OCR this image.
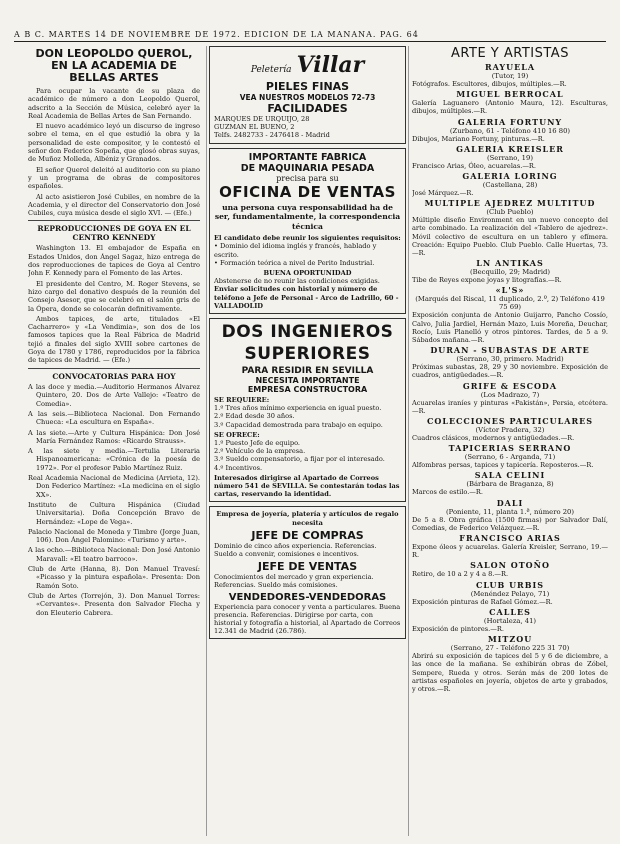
A B C. MARTES 14 DE NOVIEMBRE DE 1972. EDICION DE LA MAÑANA. PAG. 64
DON LEOPOLDO QUEROL, EN LA ACADEMIA DE BELLAS ARTES
Para ocupar la vacante de su plaza de académico de número a don Leopoldo Querol, adscrito a la Sección de Música, celebró ayer la Real Academia de Bellas Artes de San Fernando.
El nuevo académico leyó un discurso de ingreso sobre el tema, en el que estudió la obra y la personalidad de este compositor, y le contestó el señor don Federico Sopeña, que glosó obras suyas, de Muñoz Molleda, Albéniz y Granados.
El señor Querol deleitó al auditorio con su piano y un programa de obras de compositores españoles.
Al acto asistieron José Cubiles, en nombre de la Academia, y el director del Conservatorio don José Cubiles, cuya música desde el siglo XVI. — (Efe.)
REPRODUCCIONES DE GOYA EN EL CENTRO KENNEDY
Washington 13. El embajador de España en Estados Unidos, don Ángel Sagaz, hizo entrega de dos reproducciones de tapices de Goya al Centro John F. Kennedy para el Fomento de las Artes.
El presidente del Centro, M. Roger Stevens, se hizo cargo del donativo después de la reunión del Consejo Asesor, que se celebró en el salón gris de la Ópera, donde se colocarán definitivamente.
Ambos tapices, de arte, titulados «El Cacharrero» y «La Vendimia», son dos de los famosos tapices que la Real Fábrica de Madrid tejió a finales del siglo XVIII sobre cartones de Goya de 1780 y 1786, reproducidos por la fábrica de tapices de Madrid. — (Efe.)
CONVOCATORIAS PARA HOY
A las doce y media.—Auditorio Hermanos Álvarez Quintero, 20. Dos de Arte Vallejo: «Teatro de Comedia».
A las seis.—Biblioteca Nacional. Don Fernando Chueca: «La escultura en España».
A las siete.—Arte y Cultura Hispánica: Don José María Fernández Ramos: «Ricardo Strauss».
A las siete y media.—Tertulia Literaria Hispanoamericana: «Crónica de la poesía de 1972». Por el profesor Pablo Martínez Ruiz.
Real Academia Nacional de Medicina (Arrieta, 12). Don Federico Martínez: «La medicina en el siglo XX».
Instituto de Cultura Hispánica (Ciudad Universitaria). Doña Concepción Bravo de Hernández: «Lope de Vega».
Palacio Nacional de Moneda y Timbre (Jorge Juan, 106). Don Ángel Palomino: «Turismo y arte».
A las ocho.—Biblioteca Nacional: Don José Antonio Maravall: «El teatro barroco».
Club de Arte (Hanna, 8). Don Manuel Travesí: «Picasso y la pintura española». Presenta: Don Ramón Soto.
Club de Artes (Torrejón, 3). Don Manuel Torres: «Cervantes». Presenta don Salvador Flecha y don Eleuterio Cabrera.
Peletería Villar
PIELES FINAS
VEA NUESTROS MODELOS 72-73
FACILIDADES
MARQUES DE URQUIJO, 28
GUZMAN EL BUENO, 2
Telfs. 2482733 - 2476418 - Madrid
IMPORTANTE FABRICA
DE MAQUINARIA PESADA
precisa para su
OFICINA DE VENTAS
una persona cuya responsabilidad ha de ser, fundamentalmente, la correspondencia técnica
El candidato debe reunir los siguientes requisitos:
• Dominio del idioma inglés y francés, hablado y escrito.
• Formación teórica a nivel de Perito Industrial.
BUENA OPORTUNIDAD
Abstenerse de no reunir las condiciones exigidas.
Enviar solicitudes con historial y número de teléfono a Jefe de Personal - Arco de Ladrillo, 60 - VALLADOLID
DOS INGENIEROS
SUPERIORES
PARA RESIDIR EN SEVILLA
NECESITA IMPORTANTE
EMPRESA CONSTRUCTORA
SE REQUIERE:
1.º Tres años mínimo experiencia en igual puesto.
2.º Edad desde 30 años.
3.º Capacidad demostrada para trabajo en equipo.
SE OFRECE:
1.º Puesto Jefe de equipo.
2.º Vehículo de la empresa.
3.º Sueldo compensatorio, a fijar por el interesado.
4.º Incentivos.
Interesados dirigirse al Apartado de Correos número 541 de SEVILLA. Se contestarán todas las cartas, reservando la identidad.
Empresa de joyería, platería y artículos de regalo necesita
JEFE DE COMPRAS
Dominio de cinco años experiencia. Referencias. Sueldo a convenir, comisiones e incentivos.
JEFE DE VENTAS
Conocimientos del mercado y gran experiencia. Referencias. Sueldo más comisiones.
VENDEDORES-VENDEDORAS
Experiencia para conocer y venta a particulares. Buena presencia. Referencias. Dirigirse por carta, con historial y fotografía a historial, al Apartado de Correos 12.341 de Madrid (26.786).
ARTE Y ARTISTAS
RAYUELA
(Tutor, 19)
Fotógrafos. Escultores, dibujos, múltiples.—R.
MIGUEL BERROCAL
Galería Laguanero (Antonio Maura, 12). Esculturas, dibujos, múltiples.—R.
GALERIA FORTUNY
(Zurbano, 61 - Teléfono 410 16 80)
Dibujos, Mariano Fortuny, pinturas.—R.
GALERIA KREISLER
(Serrano, 19)
Francisco Arias, Óleo, acuarelas.—R.
GALERIA LORING
(Castellana, 28)
José Márquez.—R.
MULTIPLE AJEDREZ MULTITUD
(Club Pueblo)
Múltiple diseño Environment en un nuevo concepto del arte combinado. La realización del «Tablero de ajedrez». Móvil colectivo de escultura en un tablero y efímera. Creación: Equipo Pueblo. Club Pueblo. Calle Huertas, 73.—R.
LN ANTIKAS
(Becquillo, 29; Madrid)
Tibe de Reyes expone joyas y litografías.—R.
«L'S»
(Marqués del Riscal, 11 duplicado, 2.º, 2) Teléfono 419 75 69)
Exposición conjunta de Antonio Guijarro, Pancho Cossío, Calvo, Julia Jardiel, Hernán Mazo, Luis Moreña, Deuchar, Rocío, Luis Planelló y otros pintores. Tardes, de 5 a 9. Sábados mañana.—R.
DURAN - SUBASTAS DE ARTE
(Serrano, 30, primero. Madrid)
Próximas subastas, 28, 29 y 30 noviembre. Exposición de cuadros, antigüedades.—R.
GRIFE & ESCODA
(Los Madrazo, 7)
Acuarelas iraníes y pinturas «Pakistán», Persia, etcétera.—R.
COLECCIONES PARTICULARES
(Víctor Pradera, 32)
Cuadros clásicos, modernos y antigüedades.—R.
TAPICERIAS SERRANO
(Serrano, 6 - Arganda, 71)
Alfombras persas, tapices y tapicería. Reposteros.—R.
SALA CELINI
(Bárbara de Braganza, 8)
Marcos de estilo.—R.
DALI
(Poniente, 11, planta 1.ª, número 20)
De 5 a 8. Obra gráfica (1500 firmas) por Salvador Dalí, Comedias, de Federico Velázquez.—R.
FRANCISCO ARIAS
Expone óleos y acuarelas. Galería Kreisler, Serrano, 19.—R.
SALON OTOÑO
Retiro, de 10 a 2 y 4 a 8.—R.
CLUB URBIS
(Menéndez Pelayo, 71)
Exposición pinturas de Rafael Gómez.—R.
CALLES
(Hortaleza, 41)
Exposición de pintores.—R.
MITZOU
(Serrano, 27 - Teléfono 225 31 70)
Abrirá su exposición de tapices del 5 y 6 de diciembre, a las once de la mañana. Se exhibirán obras de Zóbel, Sempere, Rueda y otros. Serán más de 200 lotes de artistas españoles en joyería, objetos de arte y grabados, y otros.—R.
